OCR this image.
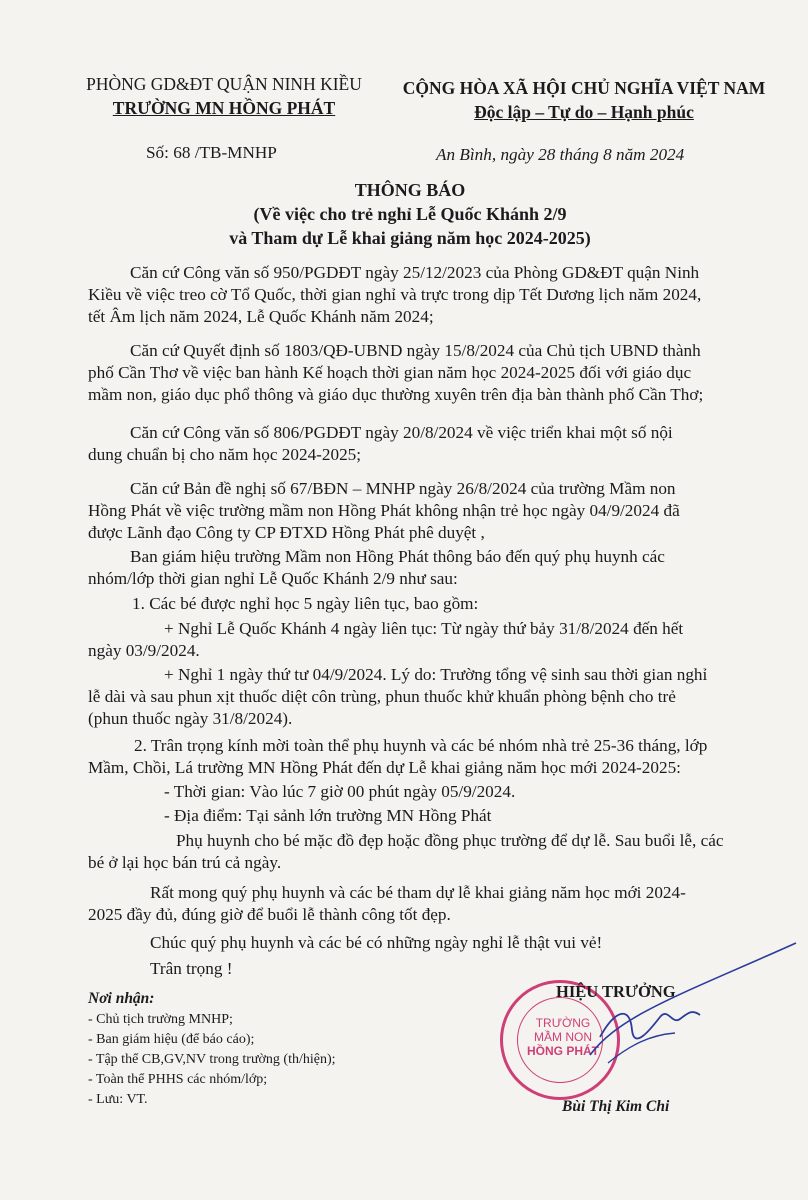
PHÒNG GD&ĐT QUẬN NINH KIỀU
TRƯỜNG MN HỒNG PHÁT
CỘNG HÒA XÃ HỘI CHỦ NGHĨA VIỆT NAM
Độc lập – Tự do – Hạnh phúc
Số: 68 /TB-MNHP	An Bình, ngày 28 tháng 8 năm 2024
THÔNG BÁO
(Về việc cho trẻ nghỉ Lễ Quốc Khánh 2/9
và Tham dự Lễ khai giảng năm học 2024-2025)
Căn cứ Công văn số 950/PGDĐT ngày 25/12/2023 của Phòng GD&ĐT quận Ninh
Kiều về việc treo cờ Tổ Quốc, thời gian nghỉ và trực trong dịp Tết Dương lịch năm 2024,
tết Âm lịch năm 2024, Lễ Quốc Khánh năm 2024;
Căn cứ Quyết định số 1803/QĐ-UBND ngày 15/8/2024 của Chủ tịch UBND thành
phố Cần Thơ về việc ban hành Kế hoạch thời gian năm học 2024-2025 đối với giáo dục
mầm non, giáo dục phổ thông và giáo dục thường xuyên trên địa bàn thành phố Cần Thơ;
Căn cứ Công văn số 806/PGDĐT ngày 20/8/2024 về việc triển khai một số nội
dung chuẩn bị cho năm học 2024-2025;
Căn cứ Bản đề nghị số 67/BĐN – MNHP ngày 26/8/2024 của trường Mầm non
Hồng Phát về việc trường mầm non Hồng Phát không nhận trẻ học ngày 04/9/2024 đã
được Lãnh đạo Công ty CP ĐTXD Hồng Phát phê duyệt ,
Ban giám hiệu trường Mầm non Hồng Phát thông báo đến quý phụ huynh các
nhóm/lớp thời gian nghỉ Lễ Quốc Khánh 2/9 như sau:
1. Các bé được nghỉ học 5 ngày liên tục, bao gồm:
+ Nghỉ Lễ Quốc Khánh 4 ngày liên tục: Từ ngày thứ bảy 31/8/2024 đến hết
ngày 03/9/2024.
+ Nghỉ 1 ngày thứ tư 04/9/2024. Lý do: Trường tổng vệ sinh sau thời gian nghỉ
lễ dài và sau phun xịt thuốc diệt côn trùng, phun thuốc khử khuẩn phòng bệnh cho trẻ
(phun thuốc ngày 31/8/2024).
2. Trân trọng kính mời toàn thể phụ huynh và các bé nhóm nhà trẻ 25-36 tháng, lớp
Mầm, Chồi, Lá trường MN Hồng Phát đến dự Lễ khai giảng năm học mới 2024-2025:
- Thời gian: Vào lúc 7 giờ 00 phút ngày 05/9/2024.
- Địa điểm: Tại sảnh lớn trường MN Hồng Phát
Phụ huynh cho bé mặc đồ đẹp hoặc đồng phục trường để dự lễ. Sau buổi lễ, các
bé ở lại học bán trú cả ngày.
Rất mong quý phụ huynh và các bé tham dự lễ khai giảng năm học mới 2024-
2025 đầy đủ, đúng giờ để buổi lễ thành công tốt đẹp.
Chúc quý phụ huynh và các bé có những ngày nghỉ lễ thật vui vẻ!
Trân trọng !
Nơi nhận:
- Chủ tịch trường MNHP;
- Ban giám hiệu (để báo cáo);
- Tập thể CB,GV,NV trong trường (th/hiện);
- Toàn thể PHHS các nhóm/lớp;
- Lưu: VT.
TRƯỜNG
MẦM NON
HỒNG PHÁT
HIỆU TRƯỞNG
Bùi Thị Kim Chi
